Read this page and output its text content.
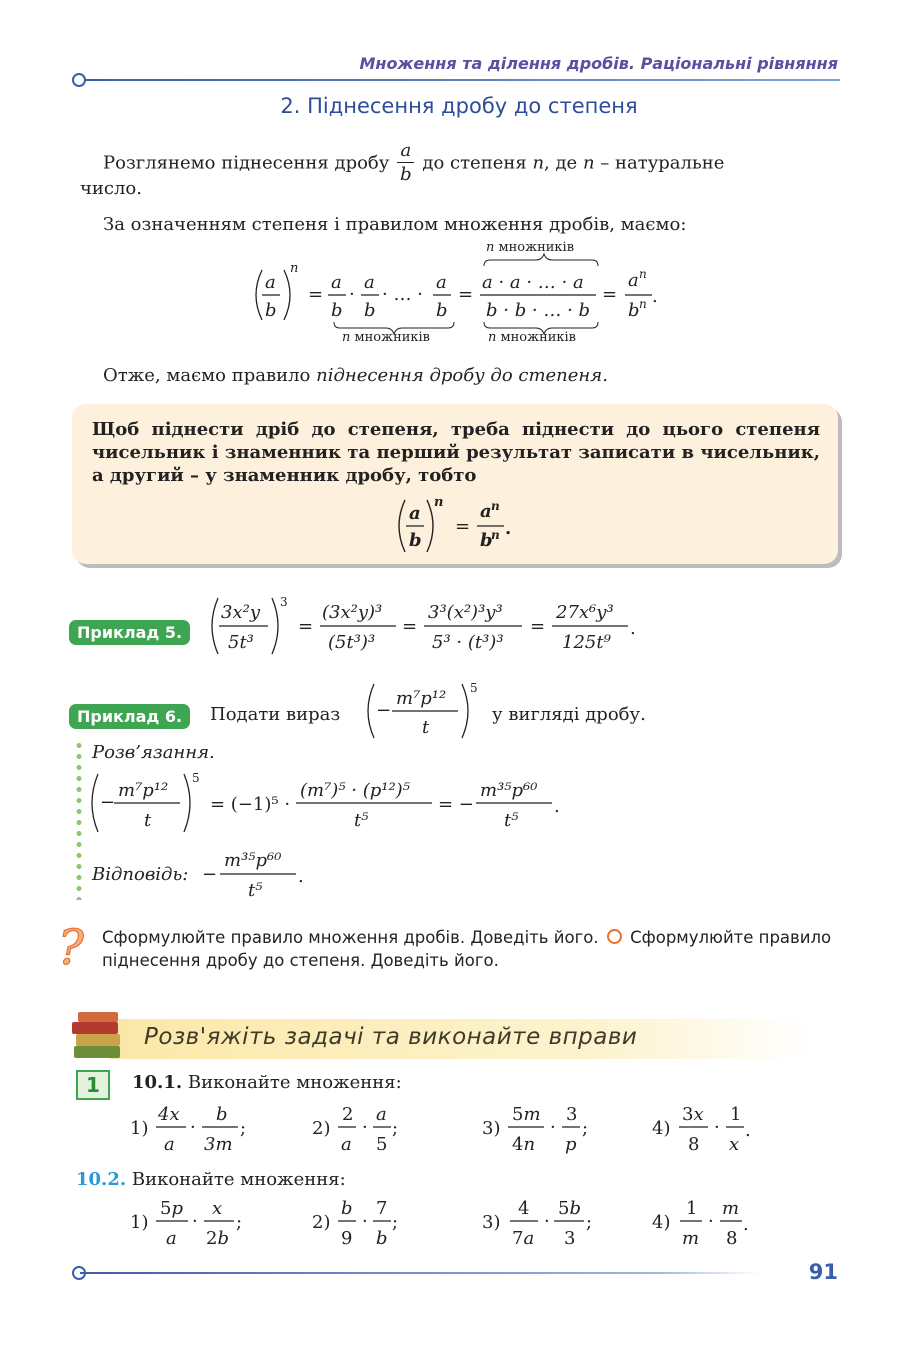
Множення та ділення дробів. Раціональні рівняння
2. Піднесення дробу до степеня
Розглянемо піднесення дробу $\frac{a}{b}$ до степеня n, де n – натуральне
число.
За означенням степеня і правилом множення дробів, маємо:
a
b
n
=
a
b
·
a
b
· … ·
a
b
=
a · a · … · a
b · b · … · b
=
a n
b n .
n множників
n множників	n множників
Отже, маємо правило піднесення дробу до степеня.
Щоб піднести дріб до степеня, треба піднести до цього степеня чисельник і знаменник та перший результат записати в чисельник, а другий – у знаменник дробу, тобто
a
b
n
=
a n
b
n .
Приклад 5.
3x²y
5t³
3
=
(3x²y)³
(5t³)³
=
3³(x²)³y³
5³ · (t³)³
=
27x⁶y³
125t⁹
.
Приклад 6.	Подати вираз −
m⁷p¹²
t
5
у вигляді дробу.
Розв’язання.
−
m⁷p¹²
t
5
= (−1)⁵ ·
(m⁷)⁵ · (p¹²)⁵
t⁵
= −
m³⁵p⁶⁰
t⁵
.
Відповідь: −
m³⁵p⁶⁰
t⁵
.
? Сформулюйте правило множення дробів. Доведіть його. Сформулюйте правило піднесення дробу до степеня. Доведіть його.
Розв'яжіть задачі та виконайте вправи
1	10.1. Виконайте множення:
1)
4x
a
·
b
3m
;	2)
2
a
·
a
5
;	3)
5m
4n
·
3
p
;	4)
3x
8
·
1
x
.
10.2. Виконайте множення:
1)
5p
a
·
x
2b
;	2)
b
9
·
7
b
;	3)
4
7a
·
5b
3
;	4)
1
m
·
m
8
.
91
